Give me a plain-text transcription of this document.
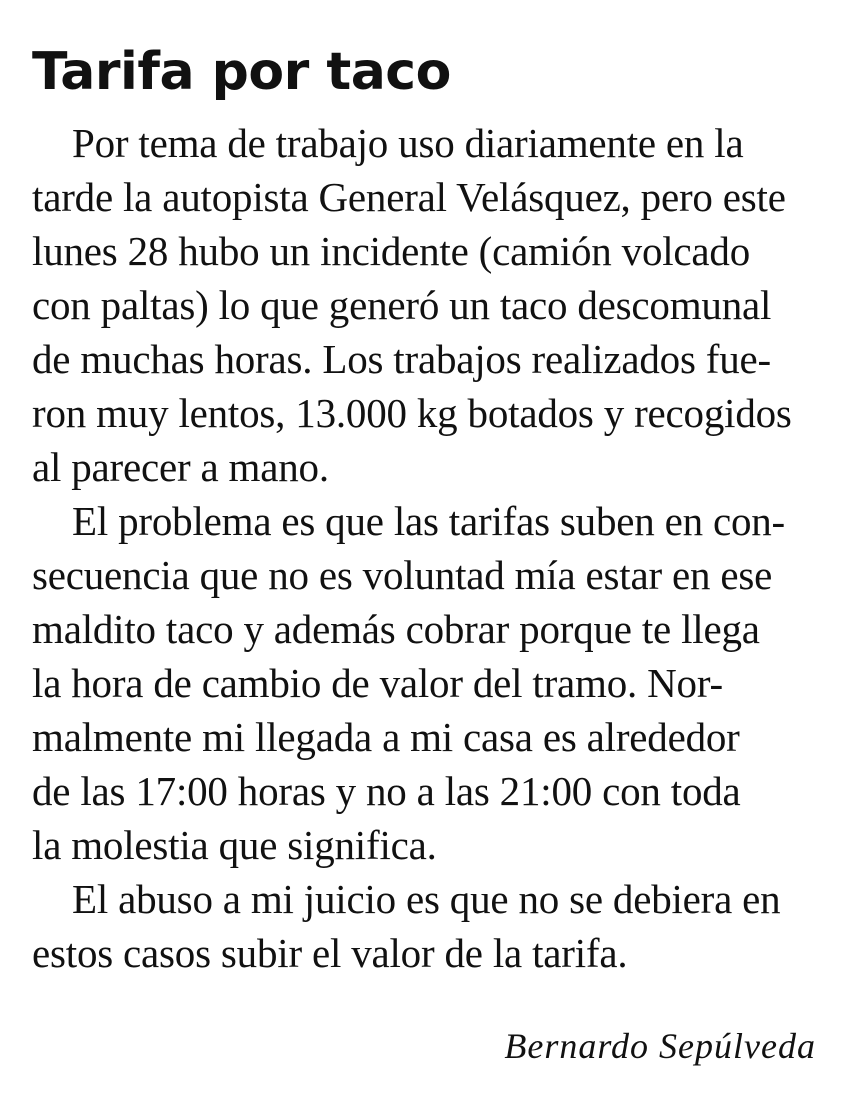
Tarifa por taco

Por tema de trabajo uso diariamente en la
tarde la autopista General Velásquez, pero este
lunes 28 hubo un incidente (camión volcado
con paltas) lo que generó un taco descomunal
de muchas horas. Los trabajos realizados fue-
ron muy lentos, 13.000 kg botados y recogidos
al parecer a mano.

El problema es que las tarifas suben en con-
secuencia que no es voluntad mía estar en ese
maldito taco y además cobrar porque te llega
la hora de cambio de valor del tramo. Nor-
malmente mi llegada a mi casa es alrededor
de las 17:00 horas y no a las 21:00 con toda
la molestia que significa.

El abuso a mi juicio es que no se debiera en
estos casos subir el valor de la tarifa.

Bernardo Sepúlveda
